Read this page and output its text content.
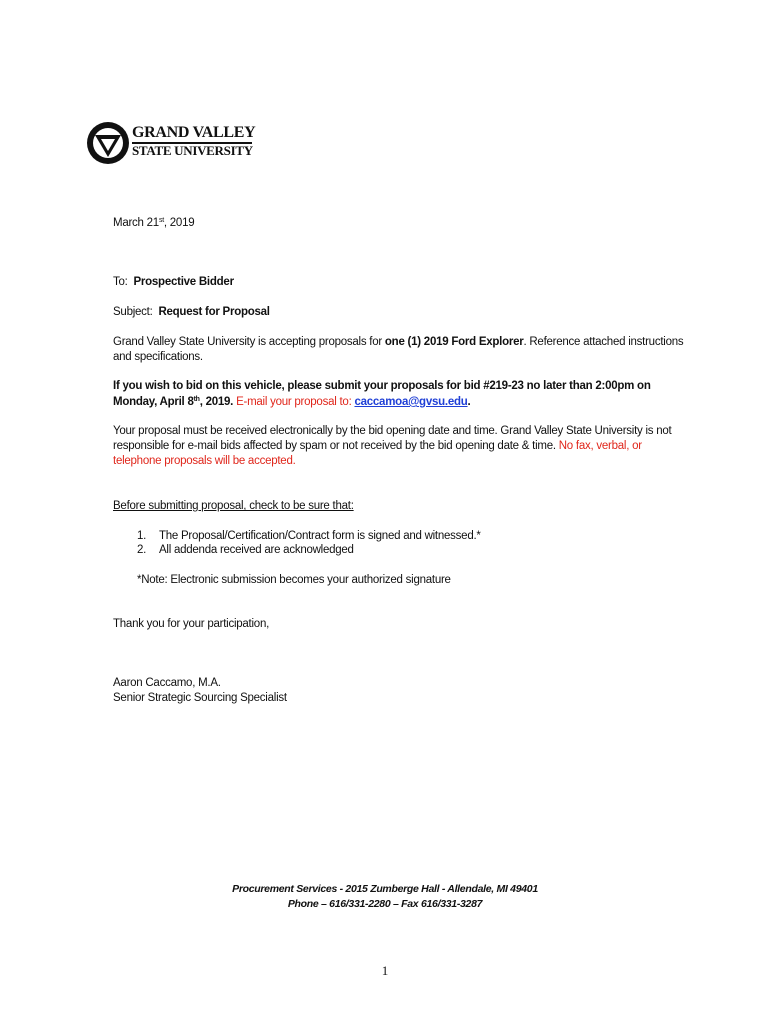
GRAND VALLEY
STATE UNIVERSITY
March 21st, 2019
To: Prospective Bidder
Subject: Request for Proposal
Grand Valley State University is accepting proposals for one (1) 2019 Ford Explorer. Reference attached instructions
and specifications.
If you wish to bid on this vehicle, please submit your proposals for bid #219-23 no later than 2:00pm on
Monday, April 8th, 2019. E-mail your proposal to: caccamoa@gvsu.edu.
Your proposal must be received electronically by the bid opening date and time. Grand Valley State University is not
responsible for e-mail bids affected by spam or not received by the bid opening date & time. No fax, verbal, or
telephone proposals will be accepted.
Before submitting proposal, check to be sure that:
1. The Proposal/Certification/Contract form is signed and witnessed.*
2. All addenda received are acknowledged
*Note: Electronic submission becomes your authorized signature
Thank you for your participation,
Aaron Caccamo, M.A.
Senior Strategic Sourcing Specialist
Procurement Services - 2015 Zumberge Hall - Allendale, MI 49401
Phone – 616/331-2280 – Fax 616/331-3287
1
